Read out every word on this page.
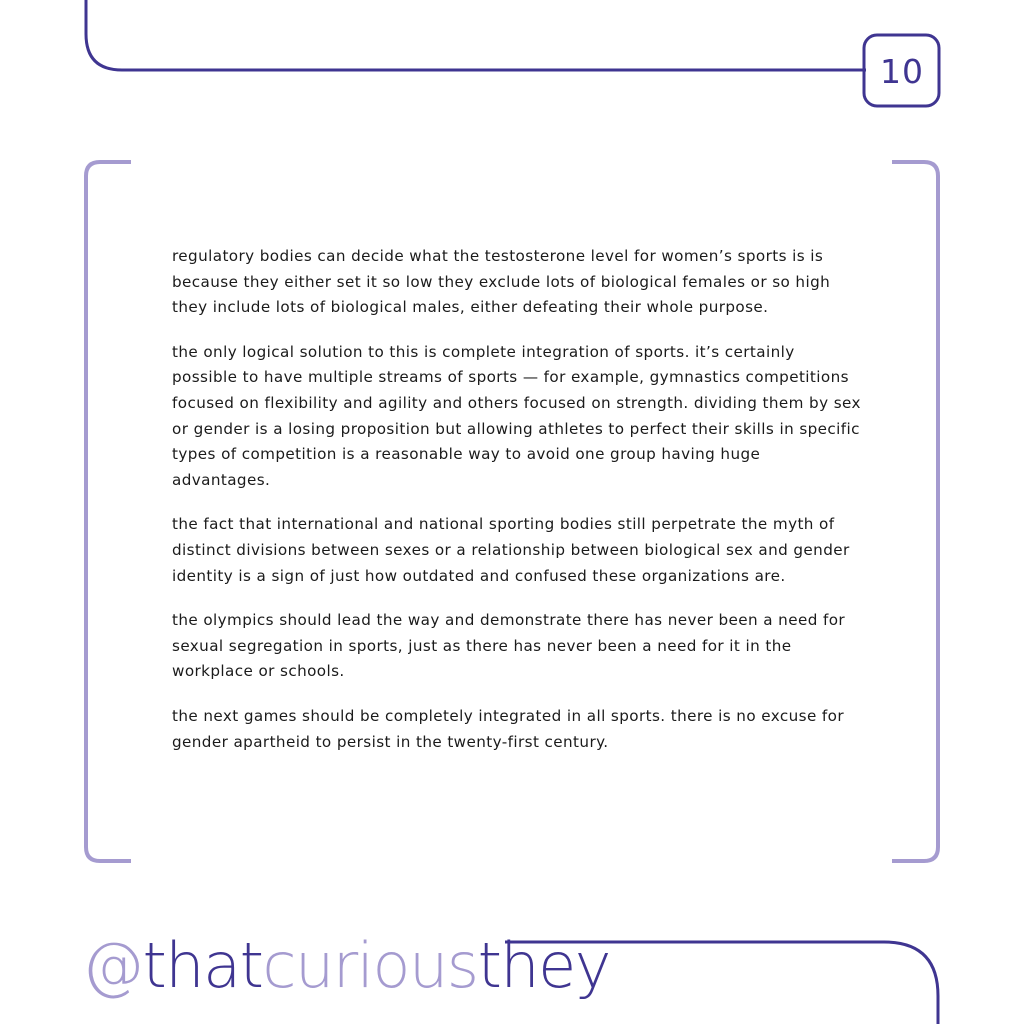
10

regulatory bodies can decide what the testosterone level for women’s sports is is because they either set it so low they exclude lots of biological females or so high they include lots of biological males, either defeating their whole purpose.

the only logical solution to this is complete integration of sports. it’s certainly possible to have multiple streams of sports — for example, gymnastics competitions focused on flexibility and agility and others focused on strength. dividing them by sex or gender is a losing proposition but allowing athletes to perfect their skills in specific types of competition is a reasonable way to avoid one group having huge advantages.

the fact that international and national sporting bodies still perpetrate the myth of distinct divisions between sexes or a relationship between biological sex and gender identity is a sign of just how outdated and confused these organizations are.

the olympics should lead the way and demonstrate there has never been a need for sexual segregation in sports, just as there has never been a need for it in the workplace or schools.

the next games should be completely integrated in all sports. there is no excuse for gender apartheid to persist in the twenty-first century.

@ that curious they
